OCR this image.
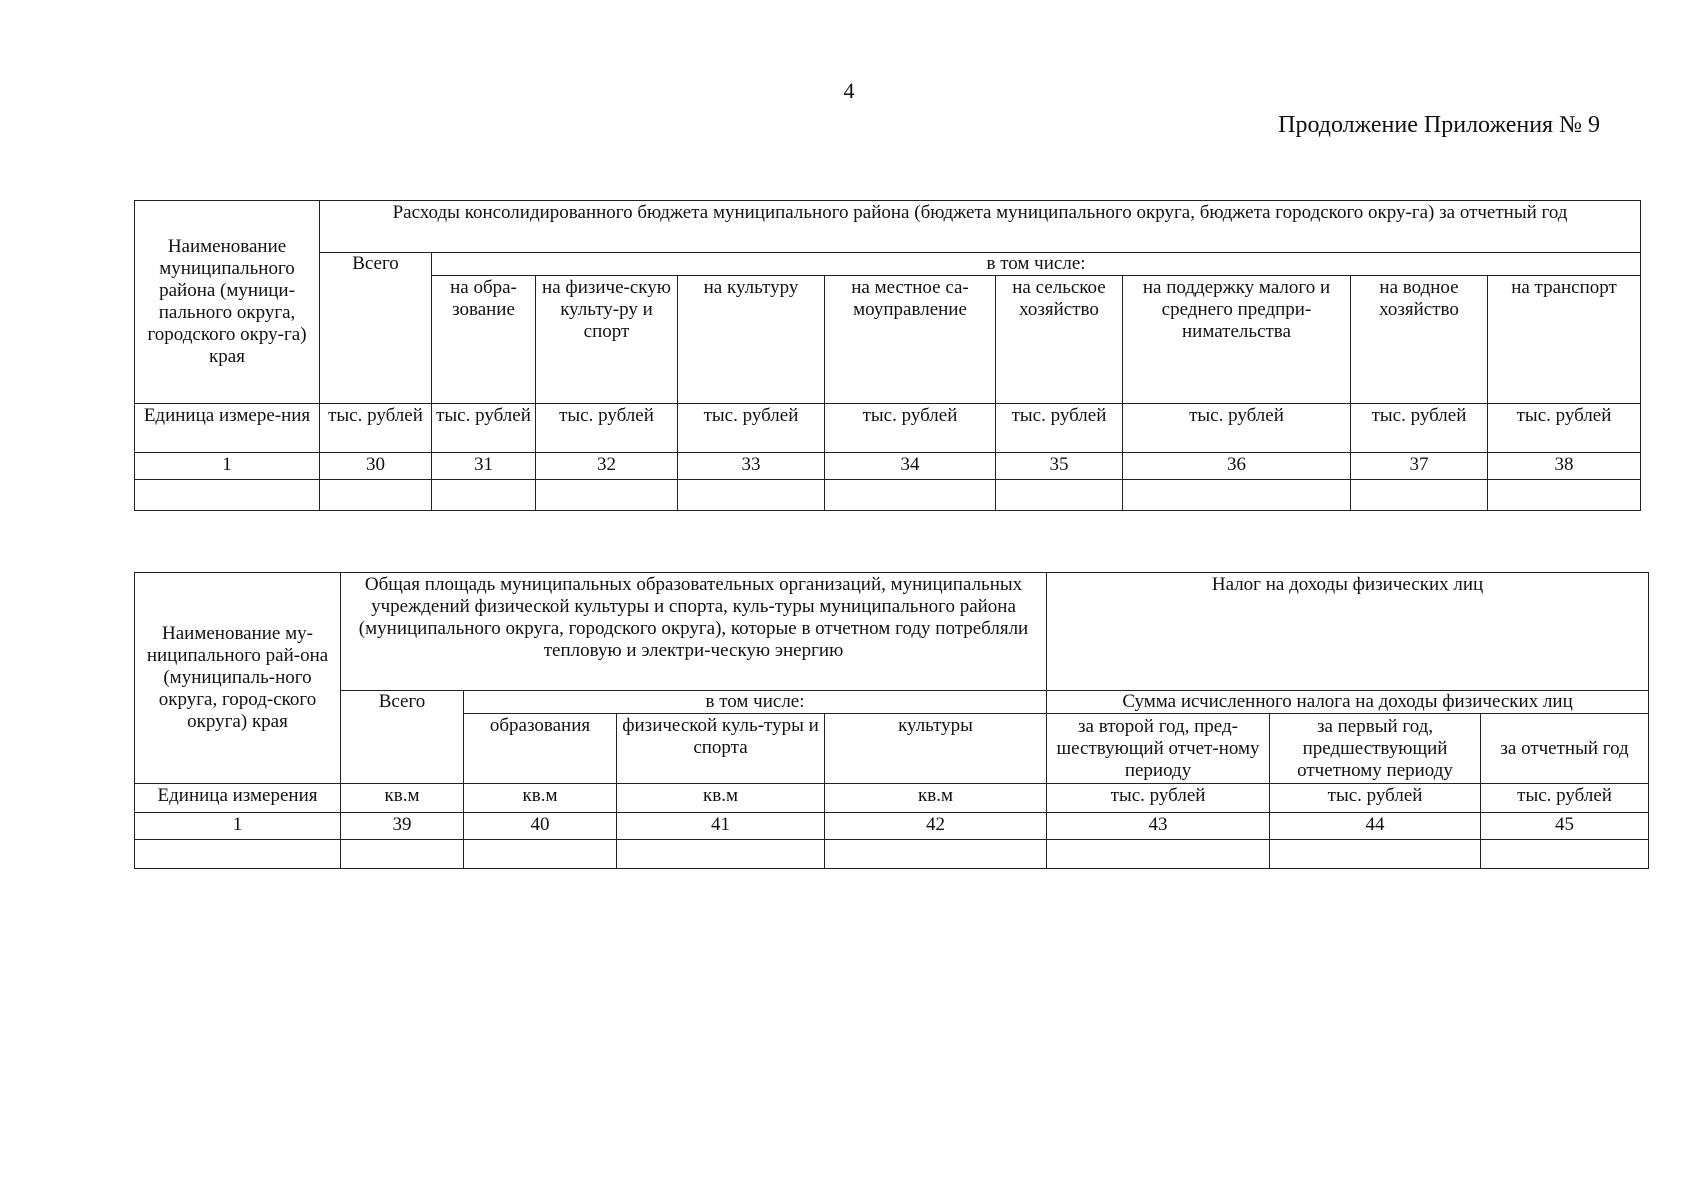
4
Продолжение Приложения № 9
Наименование муниципального района (муници-пального округа, городского окру-га) края	Расходы консолидированного бюджета муниципального района (бюджета муниципального округа, бюджета городского окру-га) за отчетный год								
	Всего	в том числе:							
		на обра-зование	на физиче-скую культу-ру и спорт	на культуру	на местное са-моуправление	на сельское хозяйство	на поддержку малого и среднего предпри-нимательства	на водное хозяйство	на транспорт
Единица измере-ния	тыс. рублей	тыс. рублей	тыс. рублей	тыс. рублей	тыс. рублей	тыс. рублей	тыс. рублей	тыс. рублей	тыс. рублей
1	30	31	32	33	34	35	36	37	38

Наименование му-ниципального рай-она (муниципаль-ного округа, город-ского округа) края	Общая площадь муниципальных образовательных организаций, муниципальных учреждений физической культуры и спорта, куль-туры муниципального района (муниципального округа, городского округа), которые в отчетном году потребляли тепловую и электри-ческую энергию				Налог на доходы физических лиц		
	Всего	в том числе:			Сумма исчисленного налога на доходы физических лиц		
		образования	физической куль-туры и спорта	культуры	за второй год, пред-шествующий отчет-ному периоду	за первый год, предшествующий отчетному периоду	за отчетный год
Единица измерения	кв.м	кв.м	кв.м	кв.м	тыс. рублей	тыс. рублей	тыс. рублей
1	39	40	41	42	43	44	45
